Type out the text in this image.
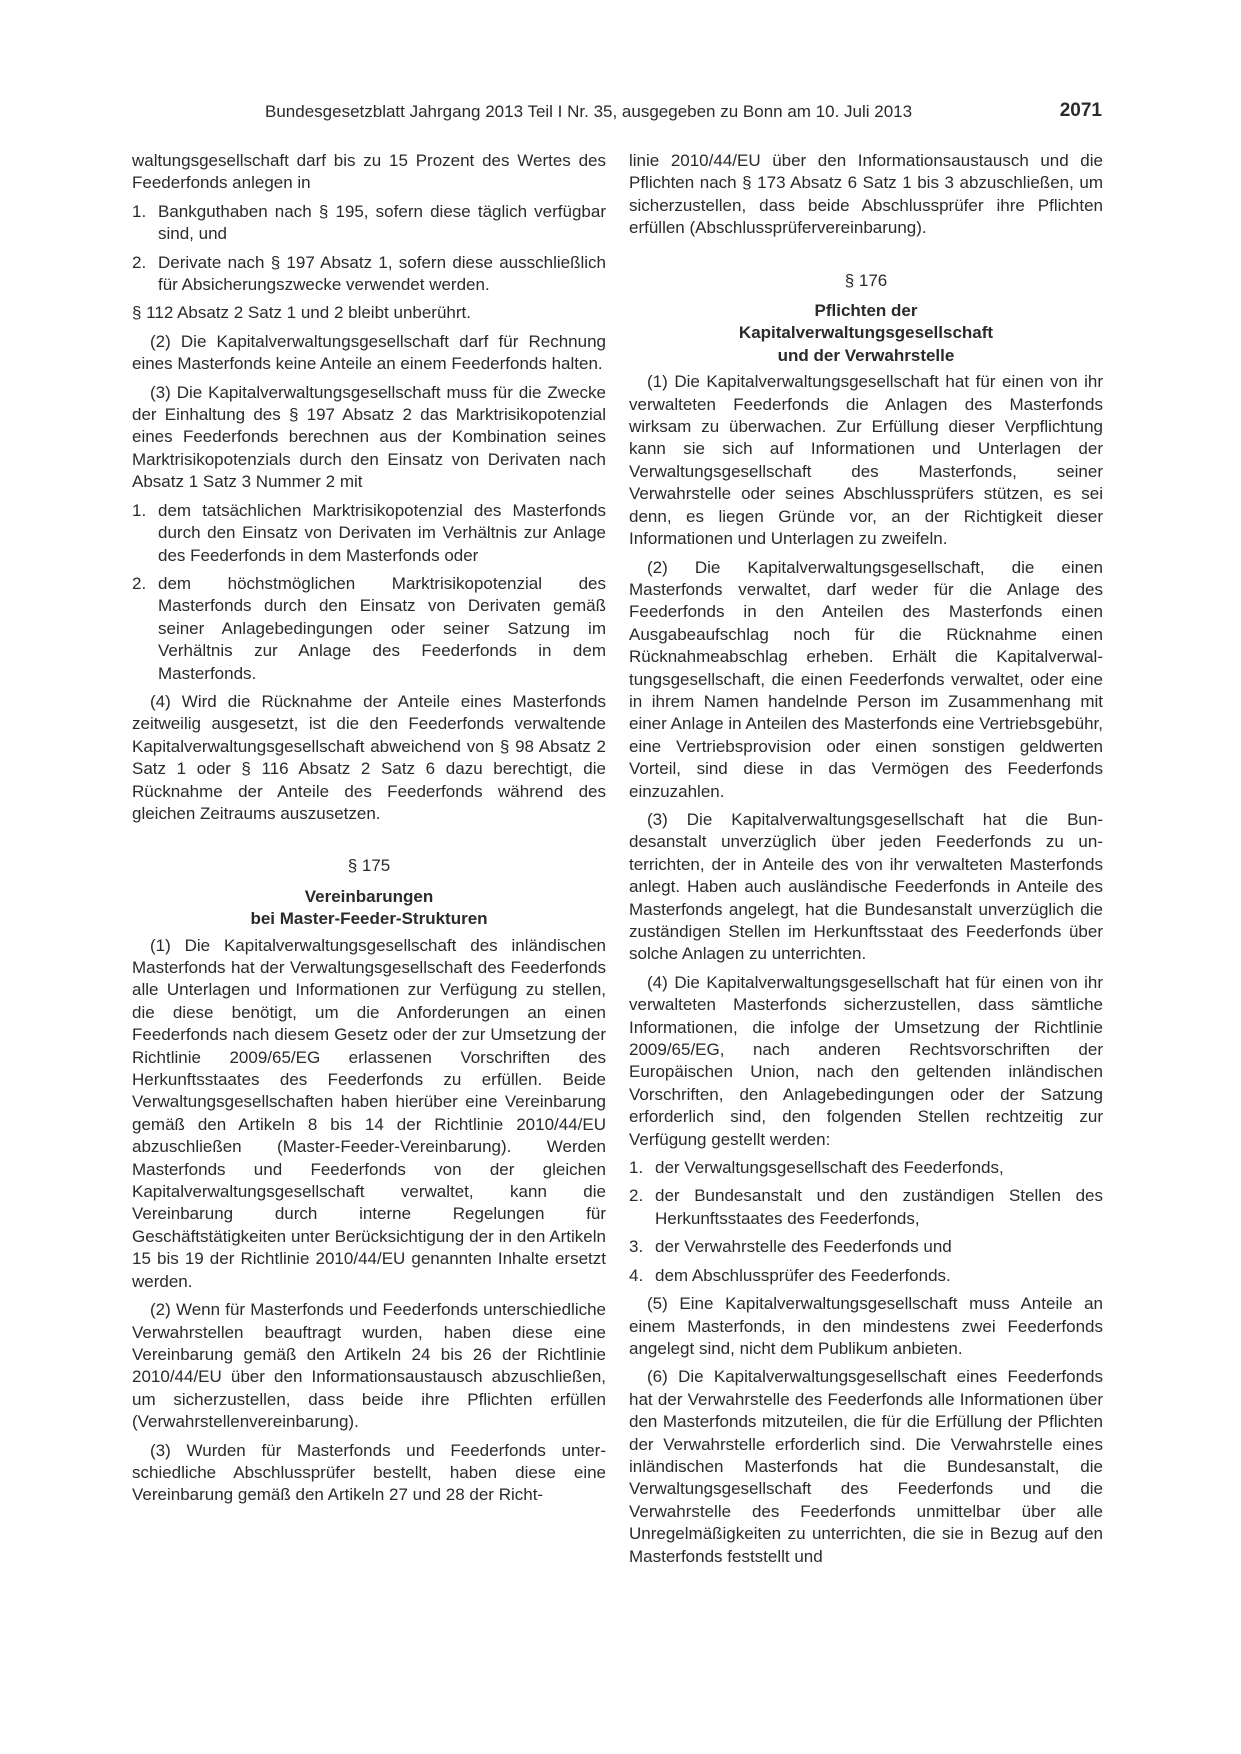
Bundesgesetzblatt Jahrgang 2013 Teil I Nr. 35, ausgegeben zu Bonn am 10. Juli 2013	2071

waltungsgesellschaft darf bis zu 15 Prozent des Wertes des Feederfonds anlegen in

1. Bankguthaben nach § 195, sofern diese täglich verfügbar sind, und
2. Derivate nach § 197 Absatz 1, sofern diese ausschließlich für Absicherungszwecke verwendet werden.

§ 112 Absatz 2 Satz 1 und 2 bleibt unberührt.

(2) Die Kapitalverwaltungsgesellschaft darf für Rechnung eines Masterfonds keine Anteile an einem Feederfonds halten.

(3) Die Kapitalverwaltungsgesellschaft muss für die Zwecke der Einhaltung des § 197 Absatz 2 das Marktrisikopotenzial eines Feederfonds berechnen aus der Kombination seines Marktrisikopotenzials durch den Einsatz von Derivaten nach Absatz 1 Satz 3 Nummer 2 mit

1. dem tatsächlichen Marktrisikopotenzial des Masterfonds durch den Einsatz von Derivaten im Verhältnis zur Anlage des Feederfonds in dem Masterfonds oder
2. dem höchstmöglichen Marktrisikopotenzial des Masterfonds durch den Einsatz von Derivaten gemäß seiner Anlagebedingungen oder seiner Satzung im Verhältnis zur Anlage des Feederfonds in dem Masterfonds.

(4) Wird die Rücknahme der Anteile eines Masterfonds zeitweilig ausgesetzt, ist die den Feederfonds verwaltende Kapitalverwaltungsgesellschaft abweichend von § 98 Absatz 2 Satz 1 oder § 116 Absatz 2 Satz 6 dazu berechtigt, die Rücknahme der Anteile des Feederfonds während des gleichen Zeitraums auszusetzen.

§ 175
Vereinbarungen
bei Master-Feeder-Strukturen

(1) Die Kapitalverwaltungsgesellschaft des inländischen Masterfonds hat der Verwaltungsgesellschaft des Feederfonds alle Unterlagen und Informationen zur Verfügung zu stellen, die diese benötigt, um die Anforderungen an einen Feederfonds nach diesem Gesetz oder der zur Umsetzung der Richtlinie 2009/65/EG erlassenen Vorschriften des Herkunftsstaates des Feederfonds zu erfüllen. Beide Verwaltungsgesellschaften haben hierüber eine Vereinbarung gemäß den Artikeln 8 bis 14 der Richtlinie 2010/44/EU abzuschließen (Master-Feeder-Vereinbarung). Werden Masterfonds und Feederfonds von der gleichen Kapitalverwaltungsgesellschaft verwaltet, kann die Vereinbarung durch interne Regelungen für Geschäftstätigkeiten unter Berücksichtigung der in den Artikeln 15 bis 19 der Richtlinie 2010/44/EU genannten Inhalte ersetzt werden.

(2) Wenn für Masterfonds und Feederfonds unterschiedliche Verwahrstellen beauftragt wurden, haben diese eine Vereinbarung gemäß den Artikeln 24 bis 26 der Richtlinie 2010/44/EU über den Informationsaustausch abzuschließen, um sicherzustellen, dass beide ihre Pflichten erfüllen (Verwahrstellenvereinbarung).

(3) Wurden für Masterfonds und Feederfonds unterschiedliche Abschlussprüfer bestellt, haben diese eine Vereinbarung gemäß den Artikeln 27 und 28 der Richt-

linie 2010/44/EU über den Informationsaustausch und die Pflichten nach § 173 Absatz 6 Satz 1 bis 3 abzuschließen, um sicherzustellen, dass beide Abschlussprüfer ihre Pflichten erfüllen (Abschlussprüfervereinbarung).

§ 176
Pflichten der
Kapitalverwaltungsgesellschaft
und der Verwahrstelle

(1) Die Kapitalverwaltungsgesellschaft hat für einen von ihr verwalteten Feederfonds die Anlagen des Masterfonds wirksam zu überwachen. Zur Erfüllung dieser Verpflichtung kann sie sich auf Informationen und Unterlagen der Verwaltungsgesellschaft des Masterfonds, seiner Verwahrstelle oder seines Abschlussprüfers stützen, es sei denn, es liegen Gründe vor, an der Richtigkeit dieser Informationen und Unterlagen zu zweifeln.

(2) Die Kapitalverwaltungsgesellschaft, die einen Masterfonds verwaltet, darf weder für die Anlage des Feederfonds in den Anteilen des Masterfonds einen Ausgabeaufschlag noch für die Rücknahme einen Rücknahmeabschlag erheben. Erhält die Kapitalverwaltungsgesellschaft, die einen Feederfonds verwaltet, oder eine in ihrem Namen handelnde Person im Zusammenhang mit einer Anlage in Anteilen des Masterfonds eine Vertriebsgebühr, eine Vertriebsprovision oder einen sonstigen geldwerten Vorteil, sind diese in das Vermögen des Feederfonds einzuzahlen.

(3) Die Kapitalverwaltungsgesellschaft hat die Bundesanstalt unverzüglich über jeden Feederfonds zu unterrichten, der in Anteile des von ihr verwalteten Masterfonds anlegt. Haben auch ausländische Feederfonds in Anteile des Masterfonds angelegt, hat die Bundesanstalt unverzüglich die zuständigen Stellen im Herkunftsstaat des Feederfonds über solche Anlagen zu unterrichten.

(4) Die Kapitalverwaltungsgesellschaft hat für einen von ihr verwalteten Masterfonds sicherzustellen, dass sämtliche Informationen, die infolge der Umsetzung der Richtlinie 2009/65/EG, nach anderen Rechtsvorschriften der Europäischen Union, nach den geltenden inländischen Vorschriften, den Anlagebedingungen oder der Satzung erforderlich sind, den folgenden Stellen rechtzeitig zur Verfügung gestellt werden:

1. der Verwaltungsgesellschaft des Feederfonds,
2. der Bundesanstalt und den zuständigen Stellen des Herkunftsstaates des Feederfonds,
3. der Verwahrstelle des Feederfonds und
4. dem Abschlussprüfer des Feederfonds.

(5) Eine Kapitalverwaltungsgesellschaft muss Anteile an einem Masterfonds, in den mindestens zwei Feederfonds angelegt sind, nicht dem Publikum anbieten.

(6) Die Kapitalverwaltungsgesellschaft eines Feederfonds hat der Verwahrstelle des Feederfonds alle Informationen über den Masterfonds mitzuteilen, die für die Erfüllung der Pflichten der Verwahrstelle erforderlich sind. Die Verwahrstelle eines inländischen Masterfonds hat die Bundesanstalt, die Verwaltungsgesellschaft des Feederfonds und die Verwahrstelle des Feederfonds unmittelbar über alle Unregelmäßigkeiten zu unterrichten, die sie in Bezug auf den Masterfonds feststellt und
